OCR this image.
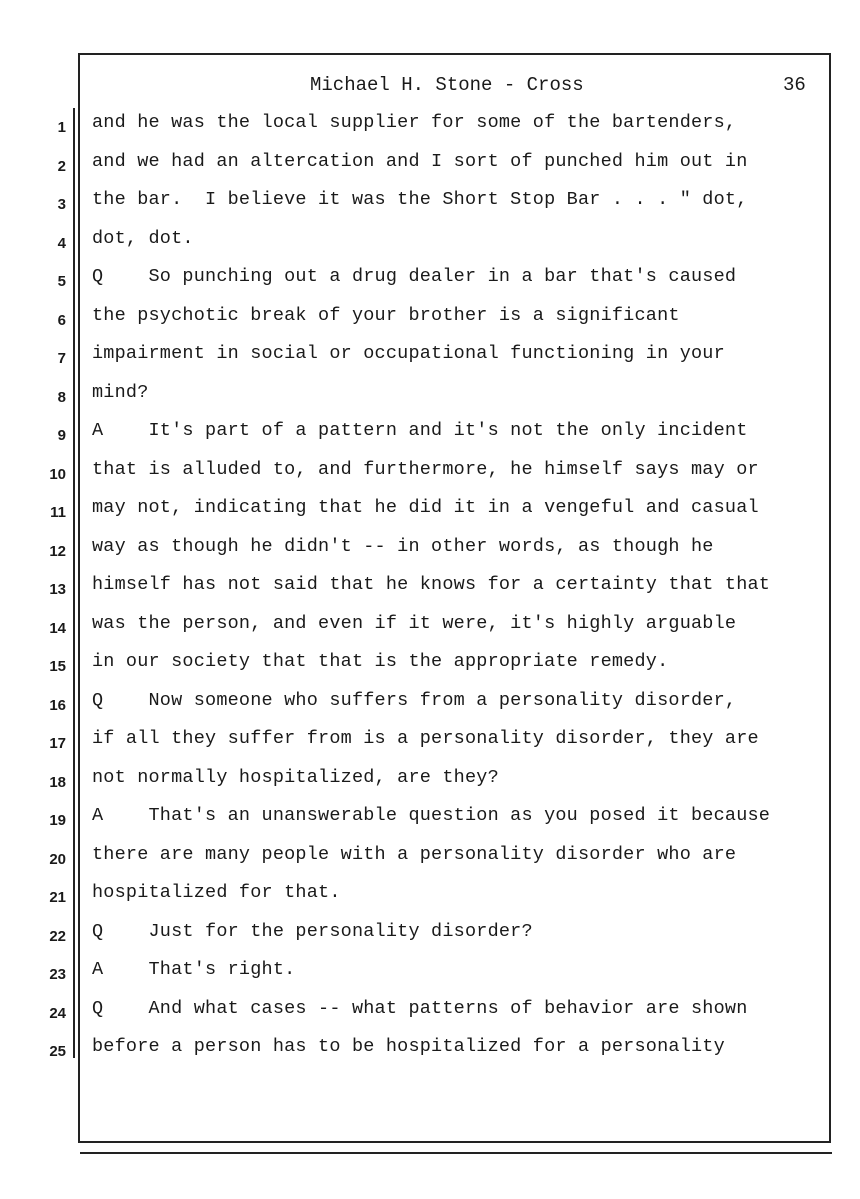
Michael H. Stone - Cross	36
1 and he was the local supplier for some of the bartenders,
2 and we had an altercation and I sort of punched him out in
3 the bar.  I believe it was the Short Stop Bar . . . " dot,
4 dot, dot.
5 Q    So punching out a drug dealer in a bar that's caused
6 the psychotic break of your brother is a significant
7 impairment in social or occupational functioning in your
8 mind?
9 A    It's part of a pattern and it's not the only incident
10 that is alluded to, and furthermore, he himself says may or
11 may not, indicating that he did it in a vengeful and casual
12 way as though he didn't -- in other words, as though he
13 himself has not said that he knows for a certainty that that
14 was the person, and even if it were, it's highly arguable
15 in our society that that is the appropriate remedy.
16 Q    Now someone who suffers from a personality disorder,
17 if all they suffer from is a personality disorder, they are
18 not normally hospitalized, are they?
19 A    That's an unanswerable question as you posed it because
20 there are many people with a personality disorder who are
21 hospitalized for that.
22 Q    Just for the personality disorder?
23 A    That's right.
24 Q    And what cases -- what patterns of behavior are shown
25 before a person has to be hospitalized for a personality
